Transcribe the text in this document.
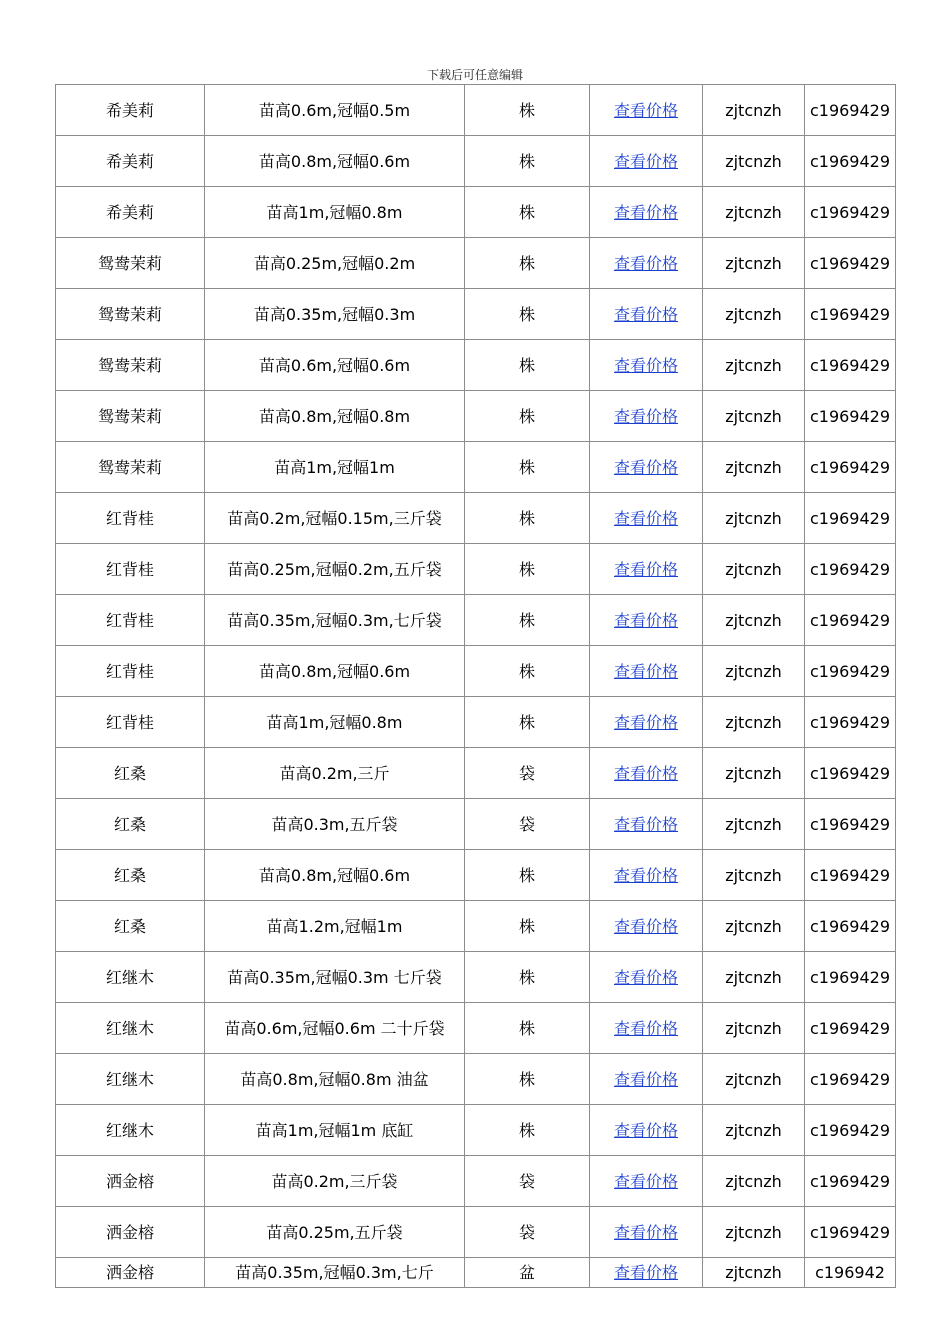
下载后可任意编辑
希美莉	苗高0.6m,冠幅0.5m	株	查看价格	zjtcnzh	c1969429
希美莉	苗高0.8m,冠幅0.6m	株	查看价格	zjtcnzh	c1969429
希美莉	苗高1m,冠幅0.8m	株	查看价格	zjtcnzh	c1969429
鸳鸯茉莉	苗高0.25m,冠幅0.2m	株	查看价格	zjtcnzh	c1969429
鸳鸯茉莉	苗高0.35m,冠幅0.3m	株	查看价格	zjtcnzh	c1969429
鸳鸯茉莉	苗高0.6m,冠幅0.6m	株	查看价格	zjtcnzh	c1969429
鸳鸯茉莉	苗高0.8m,冠幅0.8m	株	查看价格	zjtcnzh	c1969429
鸳鸯茉莉	苗高1m,冠幅1m	株	查看价格	zjtcnzh	c1969429
红背桂	苗高0.2m,冠幅0.15m,三斤袋	株	查看价格	zjtcnzh	c1969429
红背桂	苗高0.25m,冠幅0.2m,五斤袋	株	查看价格	zjtcnzh	c1969429
红背桂	苗高0.35m,冠幅0.3m,七斤袋	株	查看价格	zjtcnzh	c1969429
红背桂	苗高0.8m,冠幅0.6m	株	查看价格	zjtcnzh	c1969429
红背桂	苗高1m,冠幅0.8m	株	查看价格	zjtcnzh	c1969429
红桑	苗高0.2m,三斤	袋	查看价格	zjtcnzh	c1969429
红桑	苗高0.3m,五斤袋	袋	查看价格	zjtcnzh	c1969429
红桑	苗高0.8m,冠幅0.6m	株	查看价格	zjtcnzh	c1969429
红桑	苗高1.2m,冠幅1m	株	查看价格	zjtcnzh	c1969429
红继木	苗高0.35m,冠幅0.3m 七斤袋	株	查看价格	zjtcnzh	c1969429
红继木	苗高0.6m,冠幅0.6m 二十斤袋	株	查看价格	zjtcnzh	c1969429
红继木	苗高0.8m,冠幅0.8m 油盆	株	查看价格	zjtcnzh	c1969429
红继木	苗高1m,冠幅1m 底缸	株	查看价格	zjtcnzh	c1969429
洒金榕	苗高0.2m,三斤袋	袋	查看价格	zjtcnzh	c1969429
洒金榕	苗高0.25m,五斤袋	袋	查看价格	zjtcnzh	c1969429
洒金榕	苗高0.35m,冠幅0.3m,七斤	盆	查看价格	zjtcnzh	c196942
